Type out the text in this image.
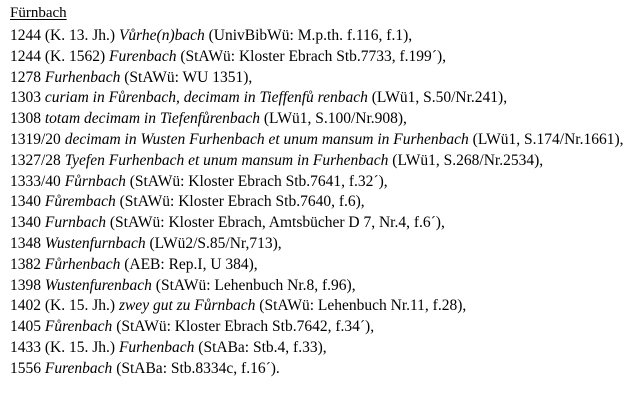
Fürnbach
1244 (K. 13. Jh.) Vůrhe(n)bach (UnivBibWü: M.p.th. f.116, f.1),
1244 (K. 1562) Furenbach (StAWü: Kloster Ebrach Stb.7733, f.199´),
1278 Furhenbach (StAWü: WU 1351),
1303 curiam in Fůrenbach, decimam in Tieffenfů renbach (LWü1, S.50/Nr.241),
1308 totam decimam in Tiefenfůrenbach (LWü1, S.100/Nr.908),
1319/20 decimam in Wusten Furhenbach et unum mansum in Furhenbach (LWü1, S.174/Nr.1661),
1327/28 Tyefen Furhenbach et unum mansum in Furhenbach (LWü1, S.268/Nr.2534),
1333/40 Fůrnbach (StAWü: Kloster Ebrach Stb.7641, f.32´),
1340 Fůrembach (StAWü: Kloster Ebrach Stb.7640, f.6),
1340 Furnbach (StAWü: Kloster Ebrach, Amtsbücher D 7, Nr.4, f.6´),
1348 Wustenfurnbach (LWü2/S.85/Nr,713),
1382 Fůrhenbach (AEB: Rep.I, U 384),
1398 Wustenfurenbach (StAWü: Lehenbuch Nr.8, f.96),
1402 (K. 15. Jh.) zwey gut zu Fůrnbach (StAWü: Lehenbuch Nr.11, f.28),
1405 Fůrenbach (StAWü: Kloster Ebrach Stb.7642, f.34´),
1433 (K. 15. Jh.) Furhenbach (StABa: Stb.4, f.33),
1556 Furenbach (StABa: Stb.8334c, f.16´).
